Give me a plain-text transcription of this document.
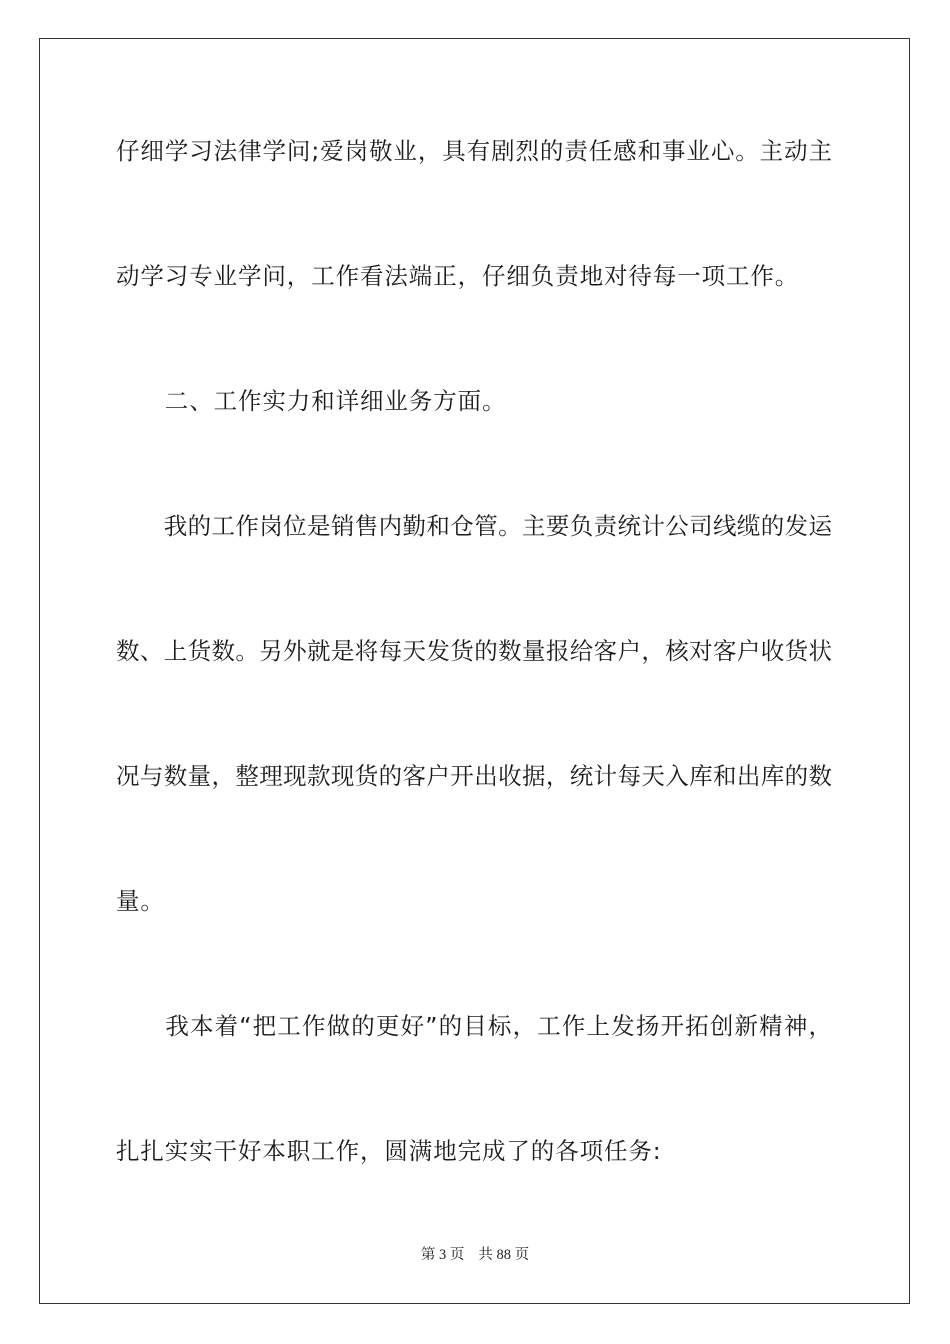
仔细学习法律学问;爱岗敬业，具有剧烈的责任感和事业心。主动主
动学习专业学问，工作看法端正，仔细负责地对待每一项工作。
　　二、工作实力和详细业务方面。
　　我的工作岗位是销售内勤和仓管。主要负责统计公司线缆的发运
数、上货数。另外就是将每天发货的数量报给客户，核对客户收货状
况与数量，整理现款现货的客户开出收据，统计每天入库和出库的数
量。
　　我本着“把工作做的更好”的目标，工作上发扬开拓创新精神，
扎扎实实干好本职工作，圆满地完成了的各项任务:
第 3 页 共 88 页
